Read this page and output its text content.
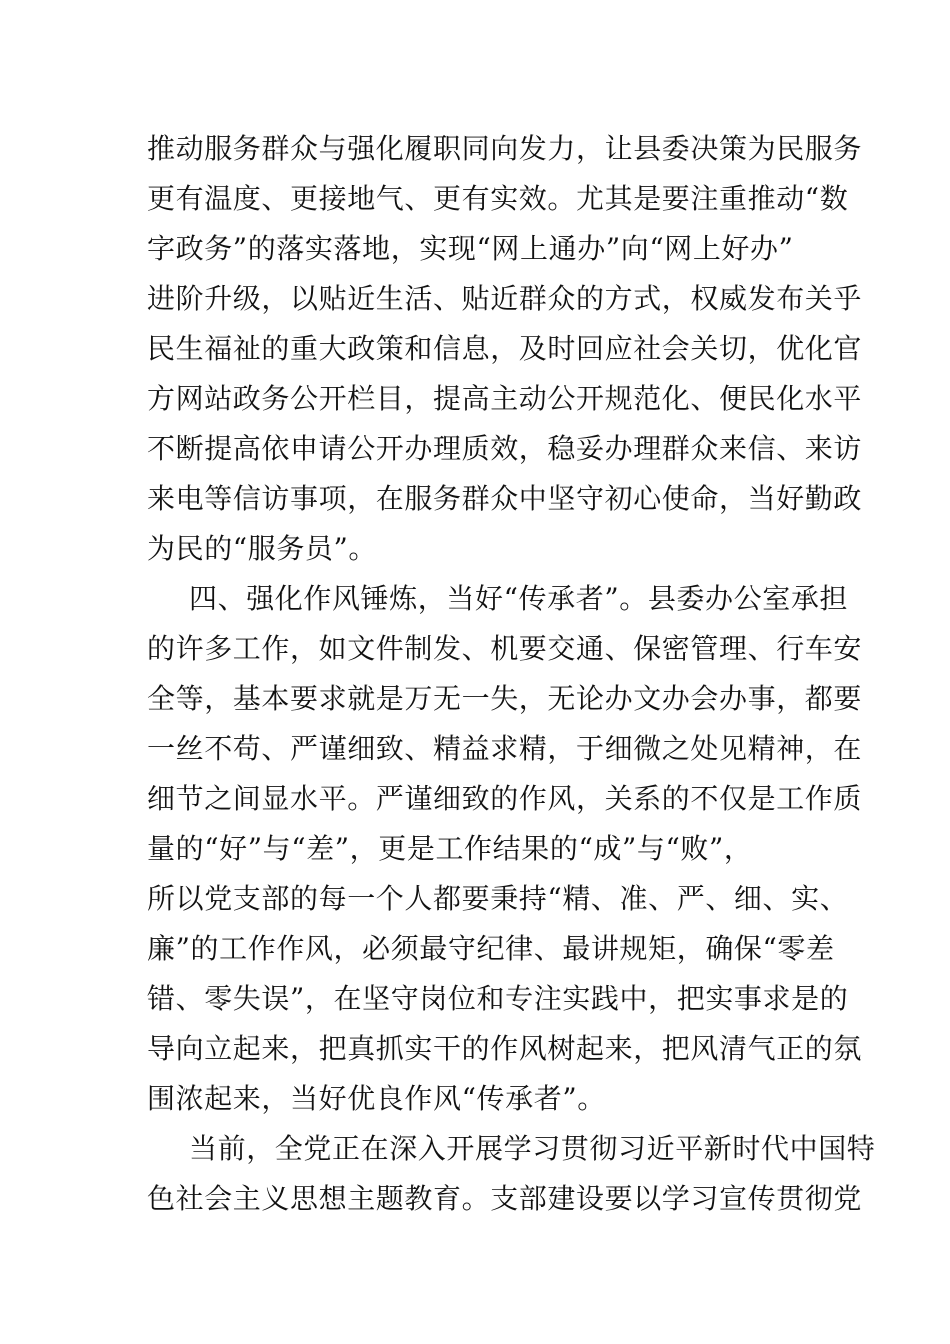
推动服务群众与强化履职同向发力，让县委决策为民服务
更有温度、更接地气、更有实效。尤其是要注重推动“数
字政务”的落实落地，实现“网上通办”向“网上好办”
进阶升级，以贴近生活、贴近群众的方式，权威发布关乎
民生福祉的重大政策和信息，及时回应社会关切，优化官
方网站政务公开栏目，提高主动公开规范化、便民化水平
不断提高依申请公开办理质效，稳妥办理群众来信、来访
来电等信访事项，在服务群众中坚守初心使命，当好勤政
为民的“服务员”。
四、强化作风锤炼，当好“传承者”。县委办公室承担
的许多工作，如文件制发、机要交通、保密管理、行车安
全等，基本要求就是万无一失，无论办文办会办事，都要
一丝不苟、严谨细致、精益求精，于细微之处见精神，在
细节之间显水平。严谨细致的作风，关系的不仅是工作质
量的“好”与“差”，更是工作结果的“成”与“败”，
所以党支部的每一个人都要秉持“精、准、严、细、实、
廉”的工作作风，必须最守纪律、最讲规矩，确保“零差
错、零失误”，在坚守岗位和专注实践中，把实事求是的
导向立起来，把真抓实干的作风树起来，把风清气正的氛
围浓起来，当好优良作风“传承者”。
当前，全党正在深入开展学习贯彻习近平新时代中国特
色社会主义思想主题教育。支部建设要以学习宣传贯彻党
